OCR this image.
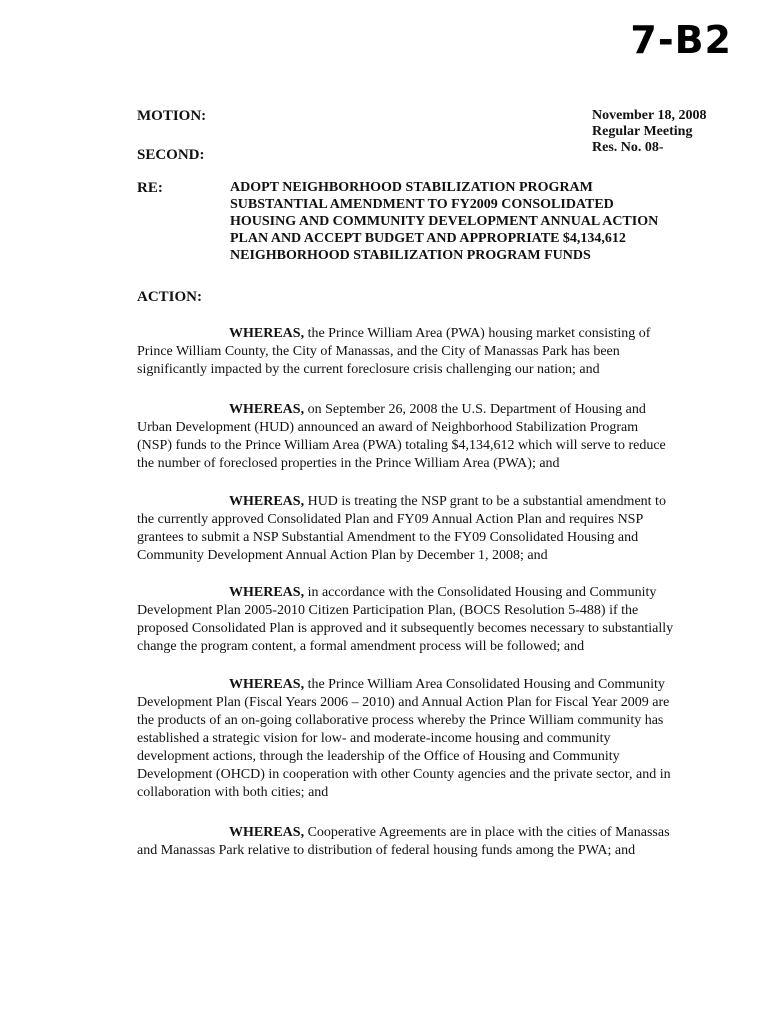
7-B2
MOTION:
SECOND:
November 18, 2008
Regular Meeting
Res. No. 08-
RE:	ADOPT NEIGHBORHOOD STABILIZATION PROGRAM
SUBSTANTIAL AMENDMENT TO FY2009 CONSOLIDATED
HOUSING AND COMMUNITY DEVELOPMENT ANNUAL ACTION
PLAN AND ACCEPT BUDGET AND APPROPRIATE $4,134,612
NEIGHBORHOOD STABILIZATION PROGRAM FUNDS
ACTION:
WHEREAS, the Prince William Area (PWA) housing market consisting of
Prince William County, the City of Manassas, and the City of Manassas Park has been
significantly impacted by the current foreclosure crisis challenging our nation; and
WHEREAS, on September 26, 2008 the U.S. Department of Housing and
Urban Development (HUD) announced an award of Neighborhood Stabilization Program
(NSP) funds to the Prince William Area (PWA) totaling $4,134,612 which will serve to reduce
the number of foreclosed properties in the Prince William Area (PWA); and
WHEREAS, HUD is treating the NSP grant to be a substantial amendment to
the currently approved Consolidated Plan and FY09 Annual Action Plan and requires NSP
grantees to submit a NSP Substantial Amendment to the FY09 Consolidated Housing and
Community Development Annual Action Plan by December 1, 2008; and
WHEREAS, in accordance with the Consolidated Housing and Community
Development Plan 2005-2010 Citizen Participation Plan, (BOCS Resolution 5-488) if the
proposed Consolidated Plan is approved and it subsequently becomes necessary to substantially
change the program content, a formal amendment process will be followed; and
WHEREAS, the Prince William Area Consolidated Housing and Community
Development Plan (Fiscal Years 2006 – 2010) and Annual Action Plan for Fiscal Year 2009 are
the products of an on-going collaborative process whereby the Prince William community has
established a strategic vision for low- and moderate-income housing and community
development actions, through the leadership of the Office of Housing and Community
Development (OHCD) in cooperation with other County agencies and the private sector, and in
collaboration with both cities; and
WHEREAS, Cooperative Agreements are in place with the cities of Manassas
and Manassas Park relative to distribution of federal housing funds among the PWA; and
